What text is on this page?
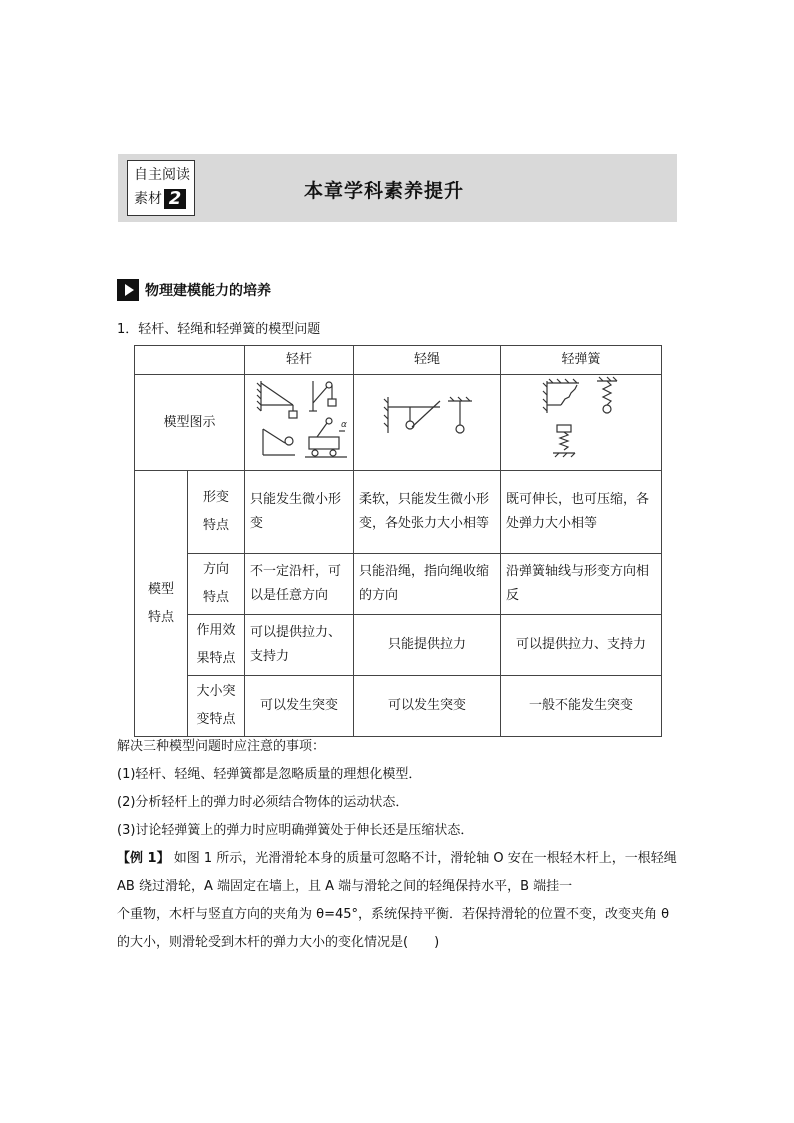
自主阅读
素材 2	本章学科素养提升
物理建模能力的培养
1．轻杆、轻绳和轻弹簧的模型问题
		轻杆	轻绳	轻弹簧
模型图示		α

模型特点	形变特点	只能发生微小形变	柔软，只能发生微小形变，各处张力大小相等	既可伸长，也可压缩，各处弹力大小相等
	方向特点	不一定沿杆，可以是任意方向	只能沿绳，指向绳收缩的方向	沿弹簧轴线与形变方向相反
	作用效果特点	可以提供拉力、支持力	只能提供拉力	可以提供拉力、支持力
	大小突变特点	可以发生突变	可以发生突变	一般不能发生突变

解决三种模型问题时应注意的事项：

(1)轻杆、轻绳、轻弹簧都是忽略质量的理想化模型．

(2)分析轻杆上的弹力时必须结合物体的运动状态．

(3)讨论轻弹簧上的弹力时应明确弹簧处于伸长还是压缩状态．

【例 1】 如图 1 所示，光滑滑轮本身的质量可忽略不计，滑轮轴 O 安在一根轻木杆上，一根轻绳 AB 绕过滑轮，A 端固定在墙上，且 A 端与滑轮之间的轻绳保持水平，B 端挂一

个重物，木杆与竖直方向的夹角为 θ=45°，系统保持平衡．若保持滑轮的位置不变，改变夹角 θ 的大小，则滑轮受到木杆的弹力大小的变化情况是(　　)
